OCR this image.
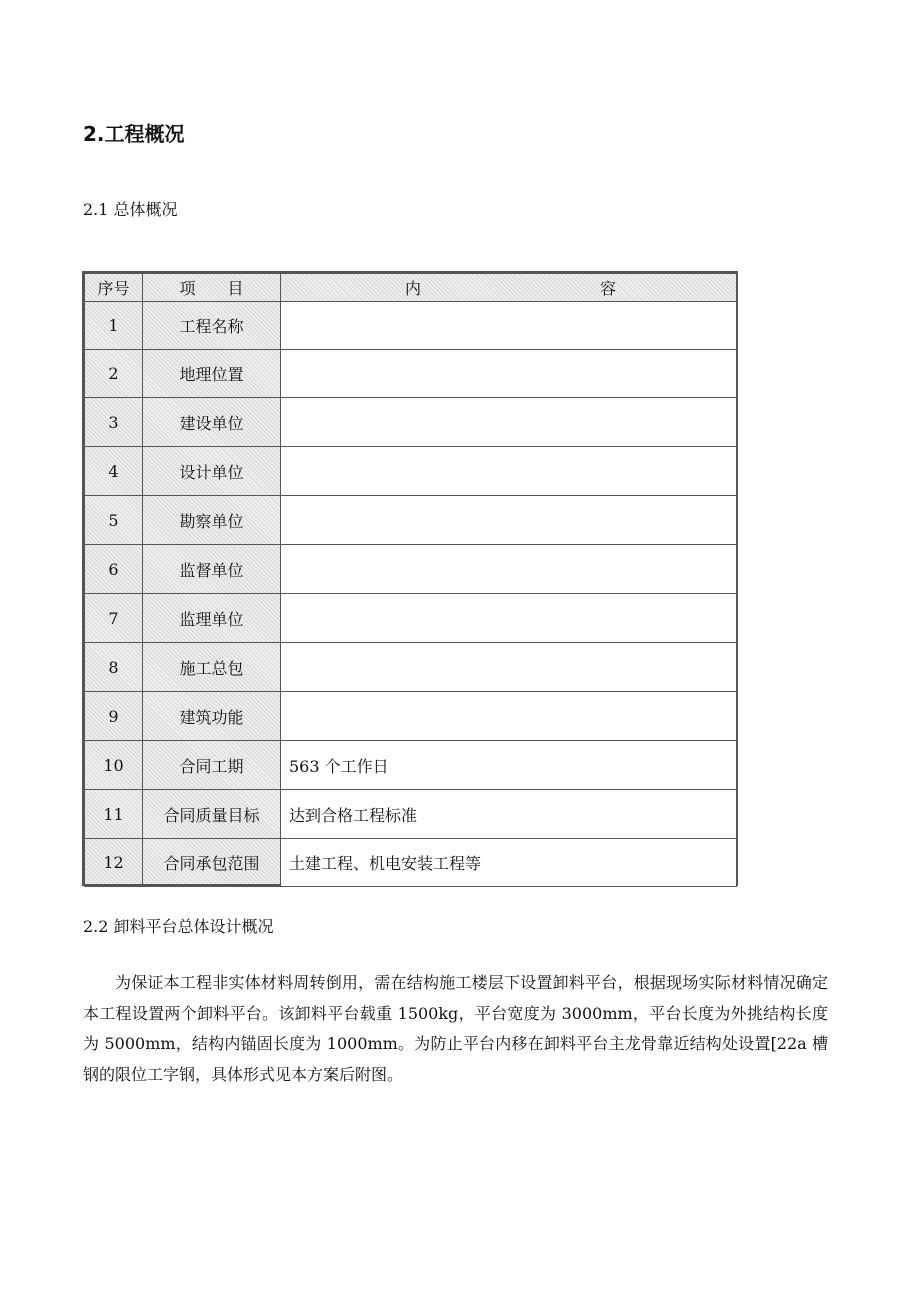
2.工程概况
2.1 总体概况
序号	项　　目	内 容

1	工程名称	
2	地理位置	
3	建设单位	
4	设计单位	
5	勘察单位	
6	监督单位	
7	监理单位	
8	施工总包	
9	建筑功能	
10	合同工期	563 个工作日
11	合同质量目标	达到合格工程标准
12	合同承包范围	土建工程、机电安装工程等
2.2 卸料平台总体设计概况

为保证本工程非实体材料周转倒用，需在结构施工楼层下设置卸料平台，根据现场实际材料情况确定本工程设置两个卸料平台。该卸料平台载重 1500kg，平台宽度为 3000mm，平台长度为外挑结构长度为 5000mm，结构内锚固长度为 1000mm。为防止平台内移在卸料平台主龙骨靠近结构处设置[22a 槽钢的限位工字钢，具体形式见本方案后附图。
